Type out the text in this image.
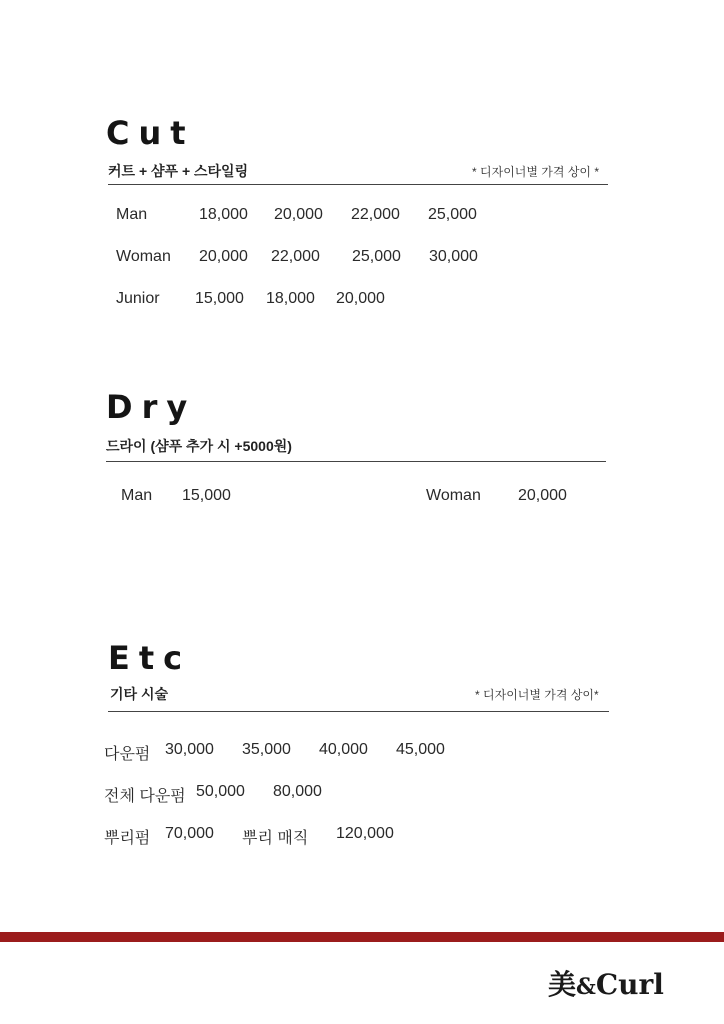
Cut
커트 + 샴푸 + 스타일링	* 디자이너별 가격 상이 *
Man	18,000 20,000 22,000 25,000
Woman 20,000 22,000 25,000 30,000
Junior 15,000 18,000 20,000
Dry
드라이 (샴푸 추가 시 +5000원)
Man 15,000	Woman 20,000
Etc
기타 시술	* 디자이너별 가격 상이*
다운펌 30,000 35,000 40,000 45,000
전체 다운펌 50,000 80,000
뿌리펌 70,000 뿌리 매직 120,000
美&Curl
